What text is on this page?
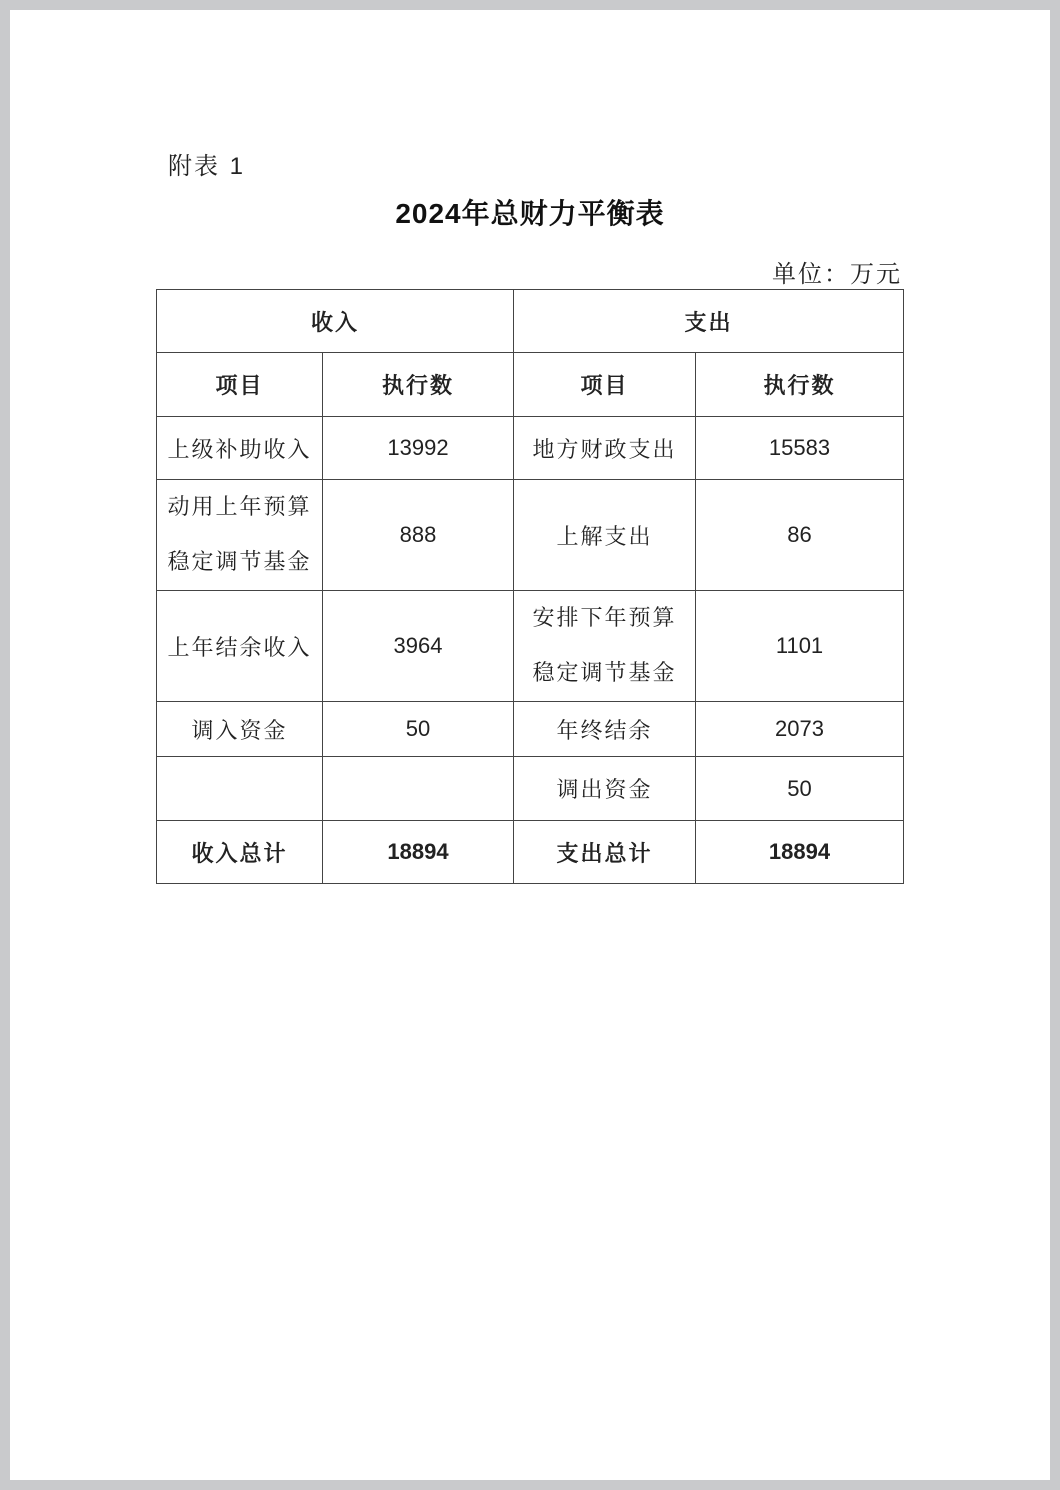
附表 1
2024年总财力平衡表
单位：万元
收入		支出	
项目	执行数	项目	执行数
上级补助收入	13992	地方财政支出	15583

动用上年预算
稳定调节基金	888	上解支出	86
上年结余收入	3964	安排下年预算
稳定调节基金	1101
调入资金	50	年终结余	2073
		调出资金	50
收入总计	18894	支出总计	18894
